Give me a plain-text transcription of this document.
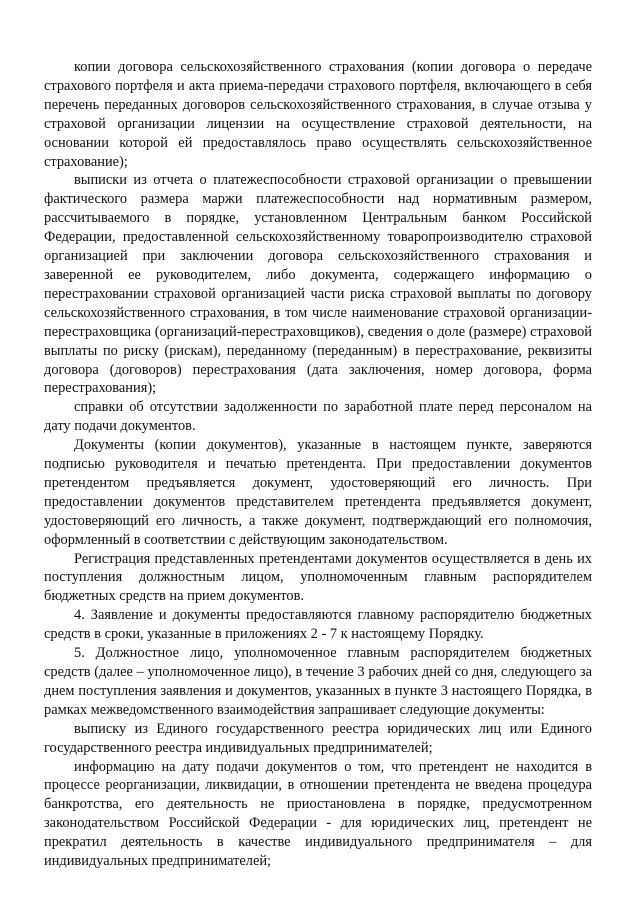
копии договора сельскохозяйственного страхования (копии договора о передаче страхового портфеля и акта приема-передачи страхового портфеля, включающего в себя перечень переданных договоров сельскохозяйственного страхования, в случае отзыва у страховой организации лицензии на осуществление страховой деятельности, на основании которой ей предоставлялось право осуществлять сельскохозяйственное страхование);

выписки из отчета о платежеспособности страховой организации о превышении фактического размера маржи платежеспособности над нормативным размером, рассчитываемого в порядке, установленном Центральным банком Российской Федерации, предоставленной сельскохозяйственному товаропроизводителю страховой организацией при заключении договора сельскохозяйственного страхования и заверенной ее руководителем, либо документа, содержащего информацию о перестраховании страховой организацией части риска страховой выплаты по договору сельскохозяйственного страхования, в том числе наименование страховой организации-перестраховщика (организаций-перестраховщиков), сведения о доле (размере) страховой выплаты по риску (рискам), переданному (переданным) в перестрахование, реквизиты договора (договоров) перестрахования (дата заключения, номер договора, форма перестрахования);

справки об отсутствии задолженности по заработной плате перед персоналом на дату подачи документов.

Документы (копии документов), указанные в настоящем пункте, заверяются подписью руководителя и печатью претендента. При предоставлении документов претендентом предъявляется документ, удостоверяющий его личность. При предоставлении документов представителем претендента предъявляется документ, удостоверяющий его личность, а также документ, подтверждающий его полномочия, оформленный в соответствии с действующим законодательством.

Регистрация представленных претендентами документов осуществляется в день их поступления должностным лицом, уполномоченным главным распорядителем бюджетных средств на прием документов.

4. Заявление и документы предоставляются главному распорядителю бюджетных средств в сроки, указанные в приложениях 2 - 7 к настоящему Порядку.

5. Должностное лицо, уполномоченное главным распорядителем бюджетных средств (далее – уполномоченное лицо), в течение 3 рабочих дней со дня, следующего за днем поступления заявления и документов, указанных в пункте 3 настоящего Порядка, в рамках межведомственного взаимодействия запрашивает следующие документы:

выписку из Единого государственного реестра юридических лиц или Единого государственного реестра индивидуальных предпринимателей;

информацию на дату подачи документов о том, что претендент не находится в процессе реорганизации, ликвидации, в отношении претендента не введена процедура банкротства, его деятельность не приостановлена в порядке, предусмотренном законодательством Российской Федерации - для юридических лиц, претендент не прекратил деятельность в качестве индивидуального предпринимателя – для индивидуальных предпринимателей;
